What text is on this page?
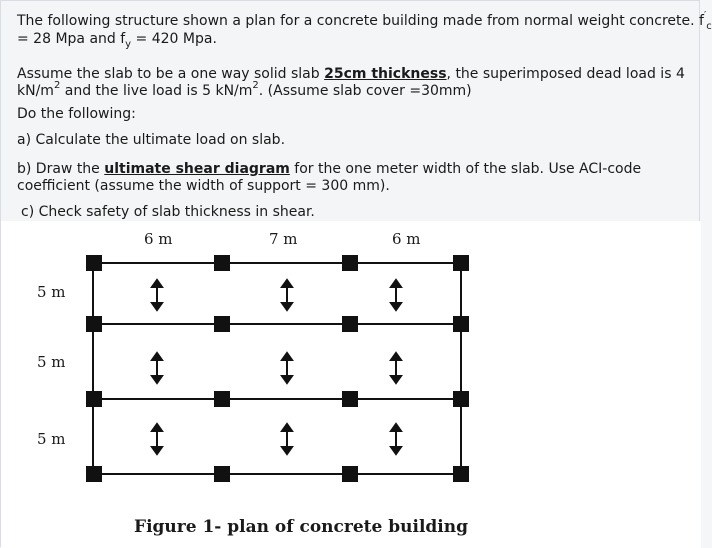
The following structure shown a plan for a concrete building made from normal weight concrete. $f'_c$
= 28 Mpa and $f_y = 420$ Mpa.
Assume the slab to be a one way solid slab 25cm thickness, the superimposed dead load is 4
$kN/m^2$ and the live load is 5 $kN/m^2$. (Assume slab cover =30mm)
Do the following:
a) Calculate the ultimate load on slab.
b) Draw the ultimate shear diagram for the one meter width of the slab. Use ACI-code
coefficient (assume the width of support = 300 mm).
c) Check safety of slab thickness in shear.
6 m	7 m	6 m
5 m
5 m
5 m
Figure 1- plan of concrete building
